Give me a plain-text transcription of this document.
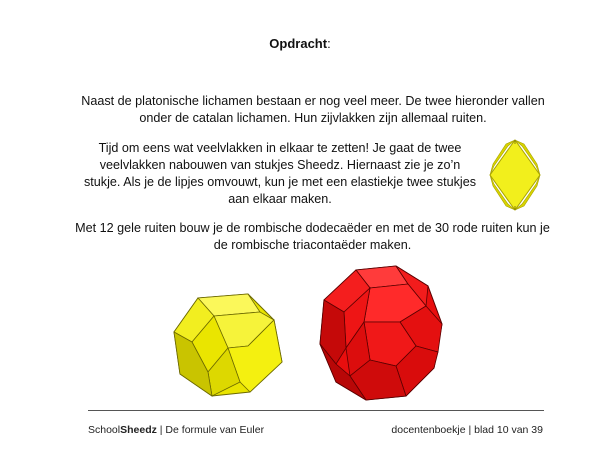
Opdracht:
Naast de platonische lichamen bestaan er nog veel meer. De twee hieronder vallen onder de catalan lichamen. Hun zijvlakken zijn allemaal ruiten.
Tijd om eens wat veelvlakken in elkaar te zetten! Je gaat de twee veelvlakken nabouwen van stukjes Sheedz. Hiernaast zie je zo’n stukje. Als je de lipjes omvouwt, kun je met een elastiekje twee stukjes aan elkaar maken.
Met 12 gele ruiten bouw je de rombische dodecaëder en met de 30 rode ruiten kun je de rombische triacontaëder maken.
SchoolSheedz | De formule van Euler	docentenboekje | blad 10 van 39
